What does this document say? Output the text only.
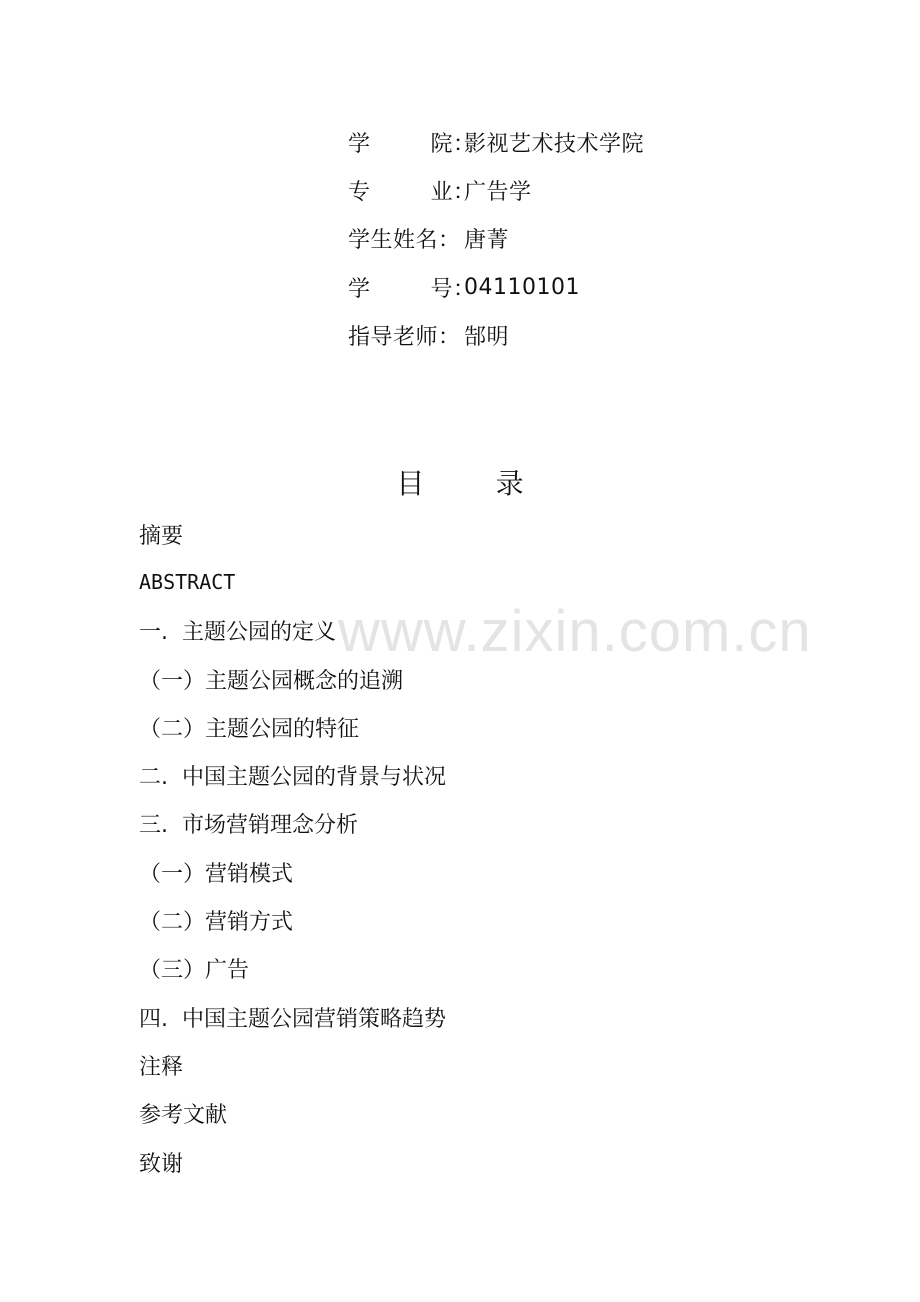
www.zixin.com.cn
学        院：
影视艺术技术学院
专        业：
广告学
学生姓名： 唐菁
学        号：
04110101
指导老师： 郜明
目        录
摘要
ABSTRACT
一.  主题公园的定义
（一）主题公园概念的追溯
（二）主题公园的特征
二.  中国主题公园的背景与状况
三.  市场营销理念分析
（一）营销模式
（二）营销方式
（三）广告
四.  中国主题公园营销策略趋势
注释
参考文献
致谢
